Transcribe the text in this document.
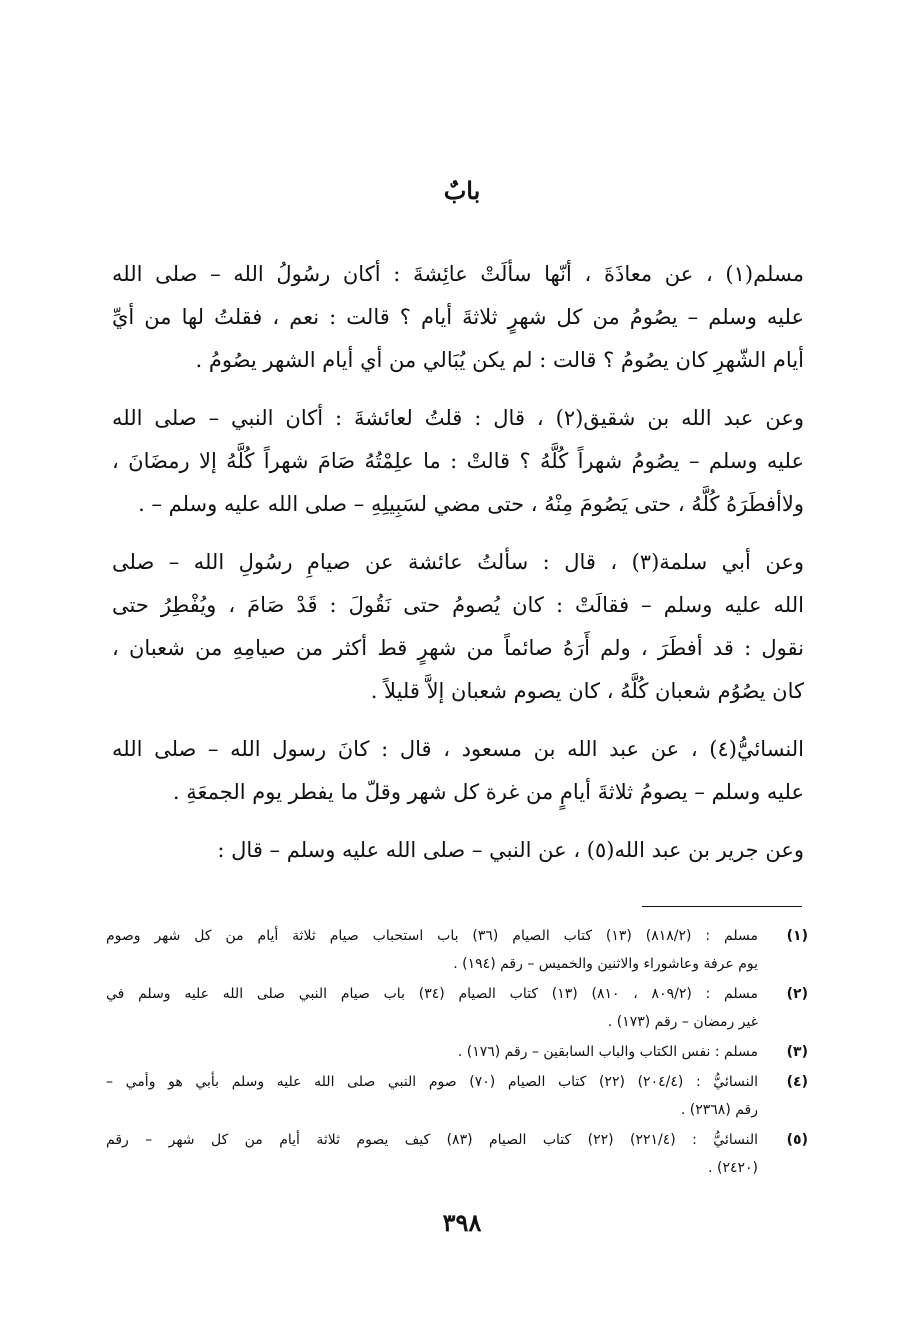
بابٌ
مسلم(١) ، عن معاذَةَ ، أنّها سألَتْ عائِشةَ : أكان رسُولُ الله – صلى الله
عليه وسلم – يصُومُ من كل شهرٍ ثلاثةَ أيام ؟ قالت : نعم ، فقلتُ لها من أيِّ
أيام الشّهرِ كان يصُومُ ؟ قالت : لم يكن يُبَالي من أي أيام الشهر يصُومُ .
وعن عبد الله بن شقيق(٢) ، قال : قلتُ لعائشةَ : أكان النبي – صلى الله
عليه وسلم – يصُومُ شهراً كُلَّهُ ؟ قالتْ : ما علِمْتُهُ صَامَ شهراً كُلَّهُ إلا رمضَانَ ،
ولاأفطَرَهُ كُلَّهُ ، حتى يَصُومَ مِنْهُ ، حتى مضي لسَبِيلِهِ – صلى الله عليه وسلم – .
وعن أبي سلمة(٣) ، قال : سألتُ عائشة عن صيامِ رسُولِ الله – صلى
الله عليه وسلم – فقالَتْ : كان يُصومُ حتى نَقُولَ : قَدْ صَامَ ، ويُفْطِرُ حتى
نقول : قد أفطَرَ ، ولم أَرَهُ صائماً من شهرٍ قط أكثر من صيامِهِ من شعبان ،
كان يصُوُم شعبان كُلَّهُ ، كان يصوم شعبان إلاَّ قليلاً .
النسائيُّ(٤) ، عن عبد الله بن مسعود ، قال : كانَ رسول الله – صلى الله
عليه وسلم – يصومُ ثلاثةَ أيامٍ من غرة كل شهر وقلّ ما يفطر يوم الجمعَةِ .
وعن جرير بن عبد الله(٥) ، عن النبي – صلى الله عليه وسلم – قال :
(١)
مسلم : (٨١٨/٢) (١٣) كتاب الصيام (٣٦) باب استحباب صيام ثلاثة أيام من كل شهر وصوم
يوم عرفة وعاشوراء والاثنين والخميس – رقم (١٩٤) .
(٢)
مسلم : (٨٠٩/٢ ، ٨١٠) (١٣) كتاب الصيام (٣٤) باب صيام النبي صلى الله عليه وسلم في
غير رمضان – رقم (١٧٣) .
(٣)
مسلم : نفس الكتاب والباب السابقين – رقم (١٧٦) .
(٤)
النسائيُّ : (٢٠٤/٤) (٢٢) كتاب الصيام (٧٠) صوم النبي صلى الله عليه وسلم بأبي هو وأمي –
رقم (٢٣٦٨) .
(٥)
النسائيُّ : (٢٢١/٤) (٢٢) كتاب الصيام (٨٣) كيف يصوم ثلاثة أيام من كل شهر – رقم
(٢٤٢٠) .
٣٩٨
